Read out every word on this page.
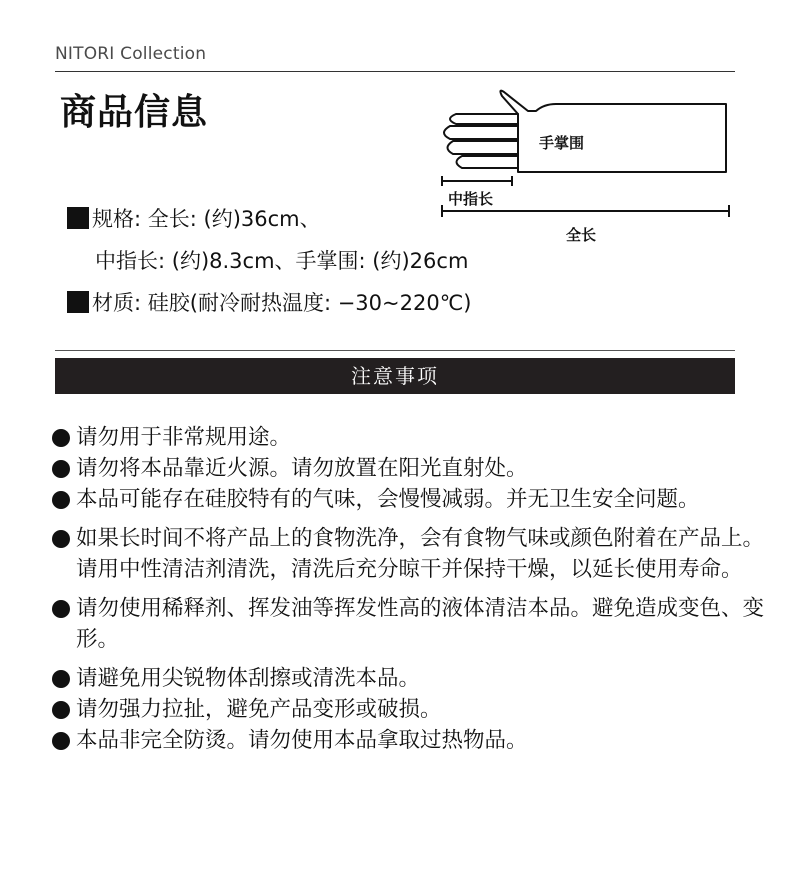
NITORI Collection
商品信息
规格: 全长: (约)36cm、
中指长: (约)8.3cm、手掌围: (约)26cm
材质: 硅胶(耐冷耐热温度: −30~220℃)
手掌围
中指长
全长
注意事项
请勿用于非常规用途。
请勿将本品靠近火源。请勿放置在阳光直射处。
本品可能存在硅胶特有的气味，会慢慢减弱。并无卫生安全问题。
如果长时间不将产品上的食物洗净，会有食物气味或颜色附着在产品上。请用中性清洁剂清洗，清洗后充分晾干并保持干燥，以延长使用寿命。
请勿使用稀释剂、挥发油等挥发性高的液体清洁本品。避免造成变色、变形。
请避免用尖锐物体刮擦或清洗本品。
请勿强力拉扯，避免产品变形或破损。
本品非完全防烫。请勿使用本品拿取过热物品。
